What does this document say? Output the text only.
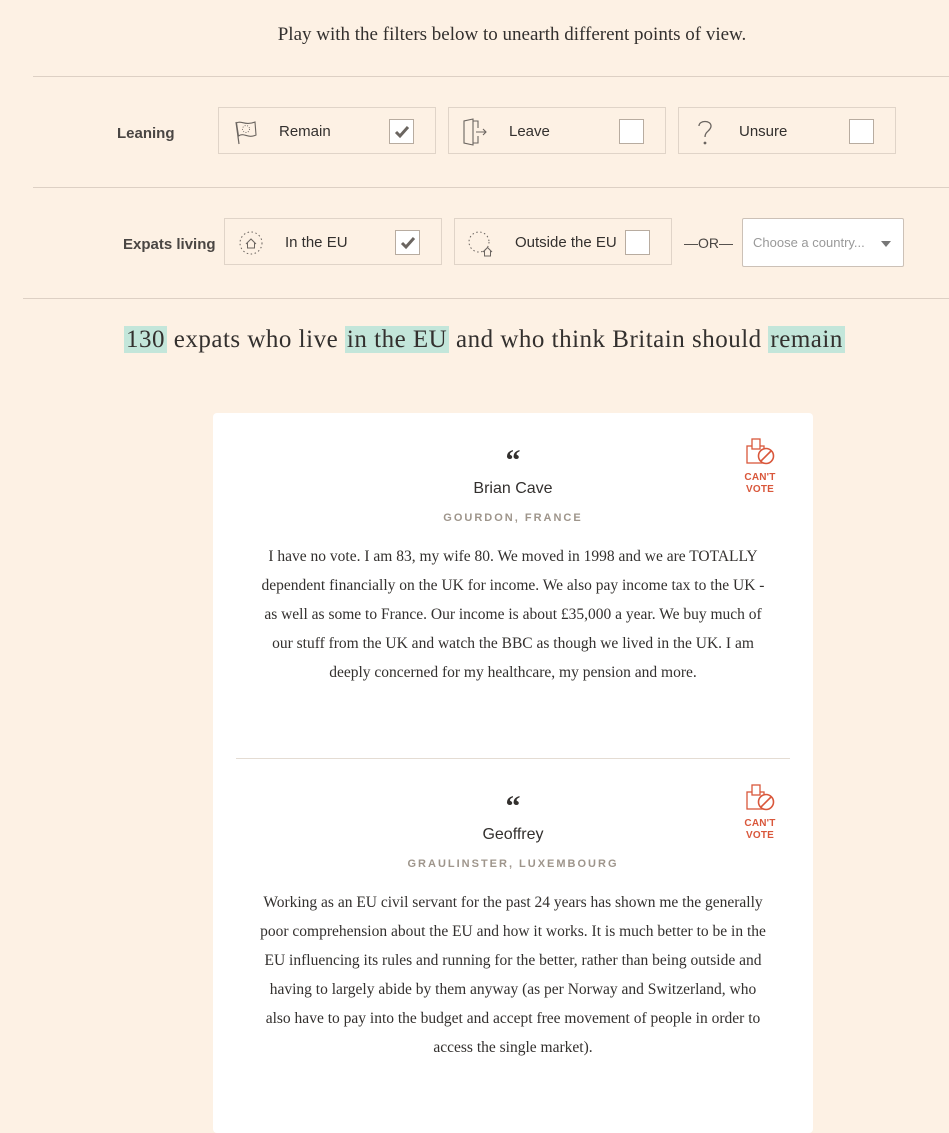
Play with the filters below to unearth different points of view.
Leaning	Remain	Leave	Unsure
Expats living	In the EU	Outside the EU	—OR— Choose a country...
130 expats who live in the EU and who think Britain should remain
“
Brian Cave
GOURDON, FRANCE
CAN'T
VOTE
I have no vote. I am 83, my wife 80. We moved in 1998 and we are TOTALLY dependent financially on the UK for income. We also pay income tax to the UK - as well as some to France. Our income is about £35,000 a year. We buy much of our stuff from the UK and watch the BBC as though we lived in the UK. I am deeply concerned for my healthcare, my pension and more.
“
Geoffrey
GRAULINSTER, LUXEMBOURG
CAN'T
VOTE
Working as an EU civil servant for the past 24 years has shown me the generally poor comprehension about the EU and how it works. It is much better to be in the EU influencing its rules and running for the better, rather than being outside and having to largely abide by them anyway (as per Norway and Switzerland, who also have to pay into the budget and accept free movement of people in order to access the single market).
